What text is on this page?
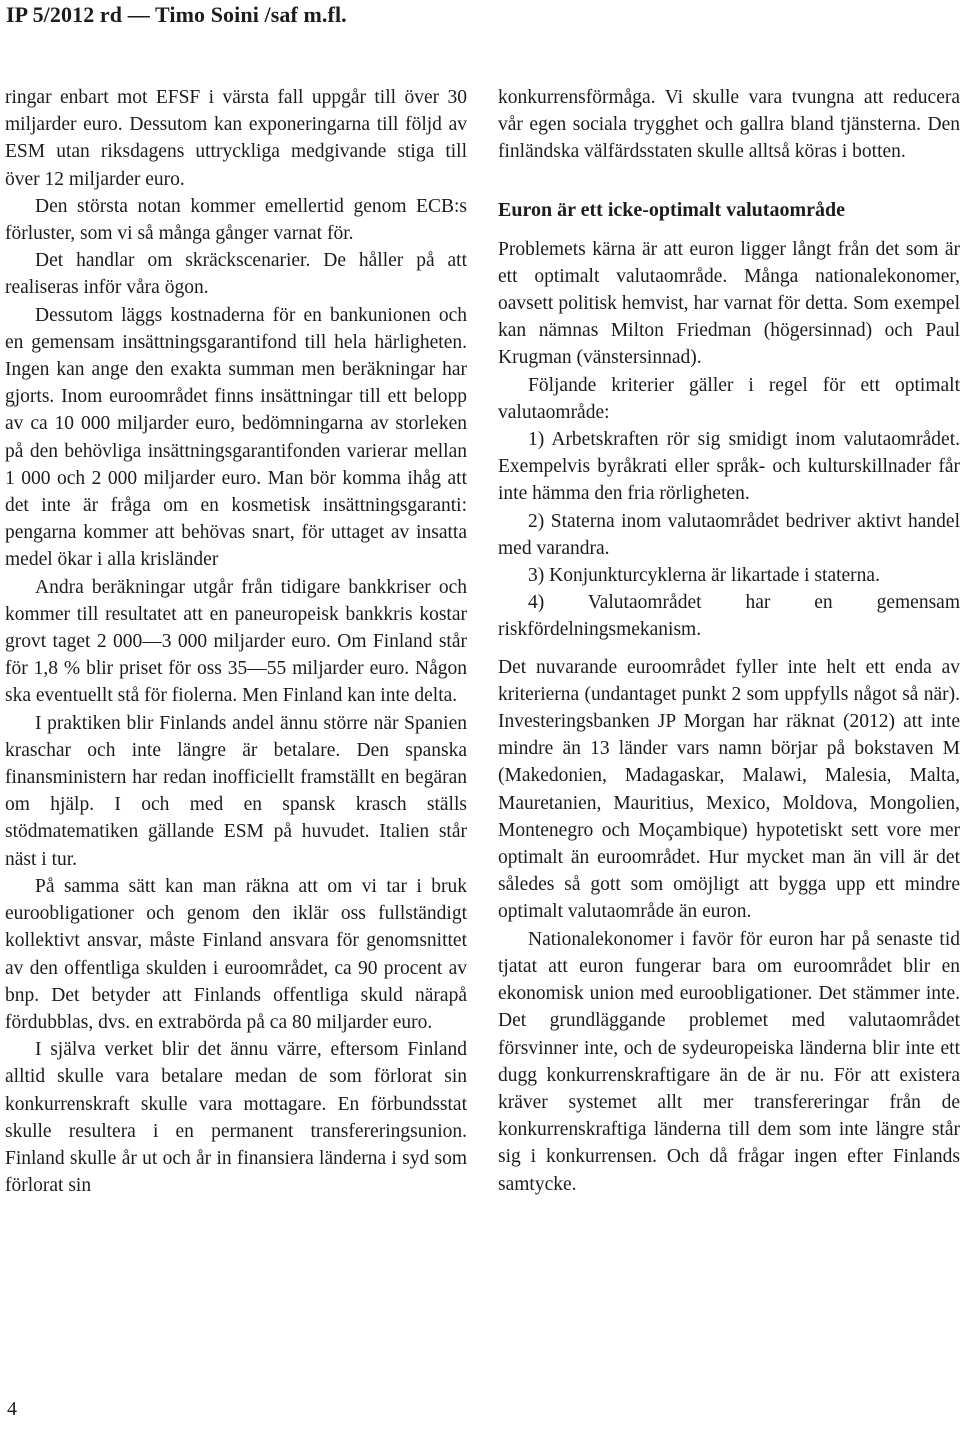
IP 5/2012 rd — Timo Soini /saf m.fl.

ringar enbart mot EFSF i värsta fall uppgår till över 30 miljarder euro. Dessutom kan exponeringarna till följd av ESM utan riksdagens uttryckliga medgivande stiga till över 12 miljarder euro.

Den största notan kommer emellertid genom ECB:s förluster, som vi så många gånger varnat för.

Det handlar om skräckscenarier. De håller på att realiseras inför våra ögon.

Dessutom läggs kostnaderna för en bankunionen och en gemensam insättningsgarantifond till hela härligheten. Ingen kan ange den exakta summan men beräkningar har gjorts. Inom euroområdet finns insättningar till ett belopp av ca 10 000 miljarder euro, bedömningarna av storleken på den behövliga insättningsgarantifonden varierar mellan 1 000 och 2 000 miljarder euro. Man bör komma ihåg att det inte är fråga om en kosmetisk insättningsgaranti: pengarna kommer att behövas snart, för uttaget av insatta medel ökar i alla krisländer

Andra beräkningar utgår från tidigare bankkriser och kommer till resultatet att en paneuropeisk bankkris kostar grovt taget 2 000—3 000 miljarder euro. Om Finland står för 1,8 % blir priset för oss 35—55 miljarder euro. Någon ska eventuellt stå för fiolerna. Men Finland kan inte delta.

I praktiken blir Finlands andel ännu större när Spanien kraschar och inte längre är betalare. Den spanska finansministern har redan inofficiellt framställt en begäran om hjälp. I och med en spansk krasch ställs stödmatematiken gällande ESM på huvudet. Italien står näst i tur.

På samma sätt kan man räkna att om vi tar i bruk euroobligationer och genom den iklär oss fullständigt kollektivt ansvar, måste Finland ansvara för genomsnittet av den offentliga skulden i euroområdet, ca 90 procent av bnp. Det betyder att Finlands offentliga skuld närapå fördubblas, dvs. en extrabörda på ca 80 miljarder euro.

I själva verket blir det ännu värre, eftersom Finland alltid skulle vara betalare medan de som förlorat sin konkurrenskraft skulle vara mottagare. En förbundsstat skulle resultera i en permanent transfereringsunion. Finland skulle år ut och år in finansiera länderna i syd som förlorat sin

konkurrensförmåga. Vi skulle vara tvungna att reducera vår egen sociala trygghet och gallra bland tjänsterna. Den finländska välfärdsstaten skulle alltså köras i botten.

Euron är ett icke-optimalt valutaområde

Problemets kärna är att euron ligger långt från det som är ett optimalt valutaområde. Många nationalekonomer, oavsett politisk hemvist, har varnat för detta. Som exempel kan nämnas Milton Friedman (högersinnad) och Paul Krugman (vänstersinnad).

Följande kriterier gäller i regel för ett optimalt valutaområde:

1) Arbetskraften rör sig smidigt inom valutaområdet. Exempelvis byråkrati eller språk- och kulturskillnader får inte hämma den fria rörligheten.

2) Staterna inom valutaområdet bedriver aktivt handel med varandra.

3) Konjunkturcyklerna är likartade i staterna.

4) Valutaområdet har en gemensam riskfördelningsmekanism.

Det nuvarande euroområdet fyller inte helt ett enda av kriterierna (undantaget punkt 2 som uppfylls något så när). Investeringsbanken JP Morgan har räknat (2012) att inte mindre än 13 länder vars namn börjar på bokstaven M (Makedonien, Madagaskar, Malawi, Malesia, Malta, Mauretanien, Mauritius, Mexico, Moldova, Mongolien, Montenegro och Moçambique) hypotetiskt sett vore mer optimalt än euroområdet. Hur mycket man än vill är det således så gott som omöjligt att bygga upp ett mindre optimalt valutaområde än euron.

Nationalekonomer i favör för euron har på senaste tid tjatat att euron fungerar bara om euroområdet blir en ekonomisk union med euroobligationer. Det stämmer inte. Det grundläggande problemet med valutaområdet försvinner inte, och de sydeuropeiska länderna blir inte ett dugg konkurrenskraftigare än de är nu. För att existera kräver systemet allt mer transfereringar från de konkurrenskraftiga länderna till dem som inte längre står sig i konkurrensen. Och då frågar ingen efter Finlands samtycke.

4
